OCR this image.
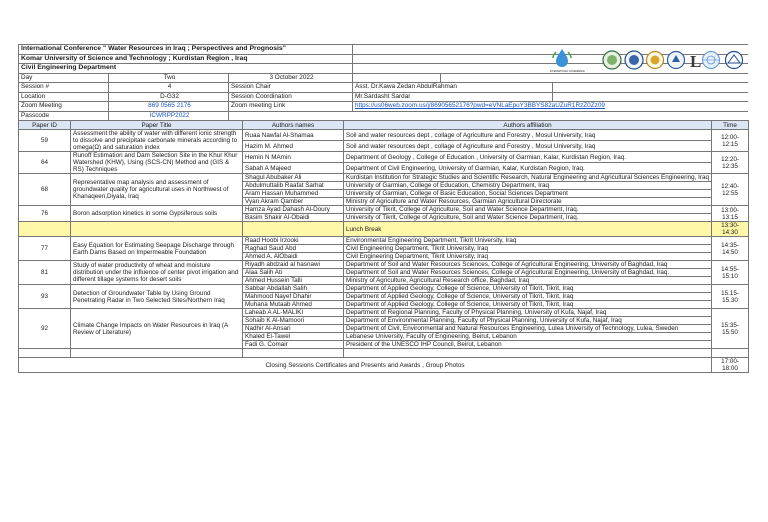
International Conference " Water Resources in Iraq ; Perspectives and Prognosis"
Komar University of Science and Technology ; Kurdistan Region , Iraq
Civil Engineering Department
Day	Two	3 October 2022
Session #	4	Session Chair	Asst. Dr.Kawa Zedan AbdulRahman
Location	D-G32	Session Coordination	Mr.Sardasht Sardar
Zoom Meeting	869 0565 2176	Zoom meeting Link	https://us06web.zoom.us/j/86905652176?pwd=eVNLaEpuY3BBYS82aUZuR1RzZ0Zz09
Passcode	ICWRPP2022
INTERNATIONAL CONFERENCE
L
Paper ID	Paper Title	Authors names	Authors affiliation	Time
59	Assessment the ability of water with different ionic strength to dissolve and precipitate carbonate minerals according to omega(Ω) and saturation index	Ruaa Nawfal Al-Shamaa	Soil and water resources dept , collage of Agriculture and Forestry , Mosul University, Iraq	12:00-12:15
		Hazim M. Ahmed	Soil and water resources dept , collage of Agriculture and Forestry , Mosul University, Iraq	
64	Runoff Estimation and Dam Selection Site in the Khur Khur Watershed (KHW), Using (SCS-CN) Method and (GIS & RS) Techniques	Hemin N MAmin	Department of Geology , College of Education , University of Garmian, Kalar, Kurdistan Region, Iraq.	12:20-12:35
		Sabah A Majeed	Department of Civil Engineering, University of Garmian, Kalar, Kurdistan Region, Iraq.	
68	Representative map analysis and assessment of groundwater quality for agricultural uses in Northwest of Khanaqeen,Diyala, Iraq	Shagul Abubaker Ali	Kurdistan Institution for Strategic Studies and Scientific Research, Natural Engineering and Agricultural Sciences Engineering, Iraq	12:40-12:55
		Abdulmuttalib Raafat Sarhat	University of Garmian, College of Education, Chemistry Department, Iraq	
		Aram Hassan Muhammed	University of Garmian, College of Basic Education, Social Sciences Department	
		Vyan Akram Qamber	Ministry of Agriculture and Water Resources, Garmian Agricultural Directorate	
76	Boron adsorption kinetics in some Gypsiferous soils	Hamza Ayad Dahash Al-Doury	University of Tikrit, College of Agriculture, Soil and Water Science Department, Iraq.	13:00-13:15
		Basim Shakir Al-Obaidi	University of Tikrit, College of Agriculture, Soil and Water Science Department, Iraq.	
			Lunch Break	13:30-14:30
77	Easy Equation for Estimating Seepage Discharge through Earth Dams Based on Impermeable Foundation	Raad Hoobi Irzooki	Environmental Engineering Department, Tikrit University, Iraq	14:35-14:50
		Raghad Saud Abd	Civil Engineering Department, Tikrit University, Iraq	
		Ahmed A. AlObaidi	Civil Engineering Department, Tikrit University, Iraq	
81	Study of water productivity of wheat and moisture distribution under the influence of center pivot irrigation and different tillage systems for desert soils	Riyadh abdzaid al hasnawi	Department of Soil and Water Resources Sciences, College of Agricultural Engineering, University of Baghdad, Iraq	14:55-15:10
		Alaa Salih Ati	Department of Soil and Water Resources Sciences, College of Agricultural Engineering, University of Baghdad, Iraq.	
		Ahmed Hussein Talli	Ministry of Agriculture, Agricultural Research office, Baghdad, Iraq	
93	Detection of Groundwater Table by Using Ground Penetrating Radar in Two Selected Sites/Northern Iraq	Sabbar Abdallah Salih	Department of Applied Geology, College of Science, University of Tikrit, Tikrit, Iraq	15.15-15.30
		Mahmood Nayef Dhahir	Department of Applied Geology, College of Science, University of Tikrit, Tikrit, Iraq	
		Muhana Mutaab Ahmed	Department of Applied Geology, College of Science, University of Tikrit, Tikrit, Iraq	
92	Climate Change Impacts on Water Resources in Iraq (A Review of Literature)	Laheab A AL-MALIKI	Department of Regional Planning, Faculty of Physical Planning, University of Kufa, Najaf, Iraq	15:35-15:50
		Sohaib K Al-Mamoori	Department of Environmental Planning, Faculty of Physical Planning, University of Kufa, Najaf, Iraq	
		Nadhir Al-Ansari	Department of Civil, Environmental and Natural Resources Engineering, Lulea University of Technology, Lulea, Sweden	
		Khaled El-Tawel	Lebanese University, Faculty of Engineering, Beirut, Lebanon	
		Fadi G. Comair	President of the UNESCO IHP Council, Beirut, Lebanon	

Closing Sessions Certificates and Presents and Awards , Group Photos				17:00-18:00
